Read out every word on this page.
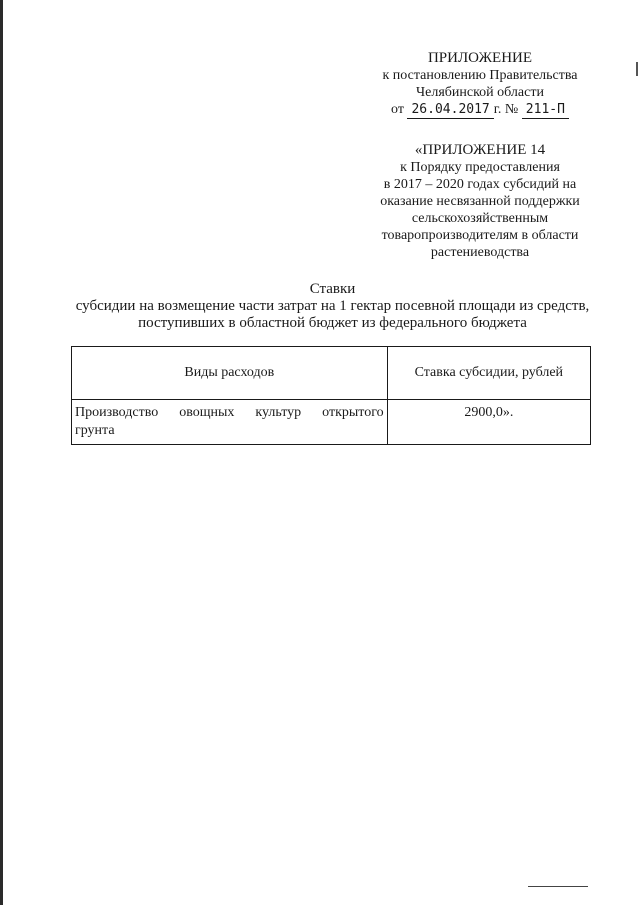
ПРИЛОЖЕНИЕ
к постановлению Правительства
Челябинской области
от 26.04.2017 г. № 211-П
«ПРИЛОЖЕНИЕ 14
к Порядку предоставления
в 2017 – 2020 годах субсидий на
оказание несвязанной поддержки
сельскохозяйственным
товаропроизводителям в области
растениеводства
Ставки
субсидии на возмещение части затрат на 1 гектар посевной площади из средств,
поступивших в областной бюджет из федерального бюджета
Виды расходов	Ставка субсидии, рублей

Производство овощных культур открытого
грунта	2900,0».
